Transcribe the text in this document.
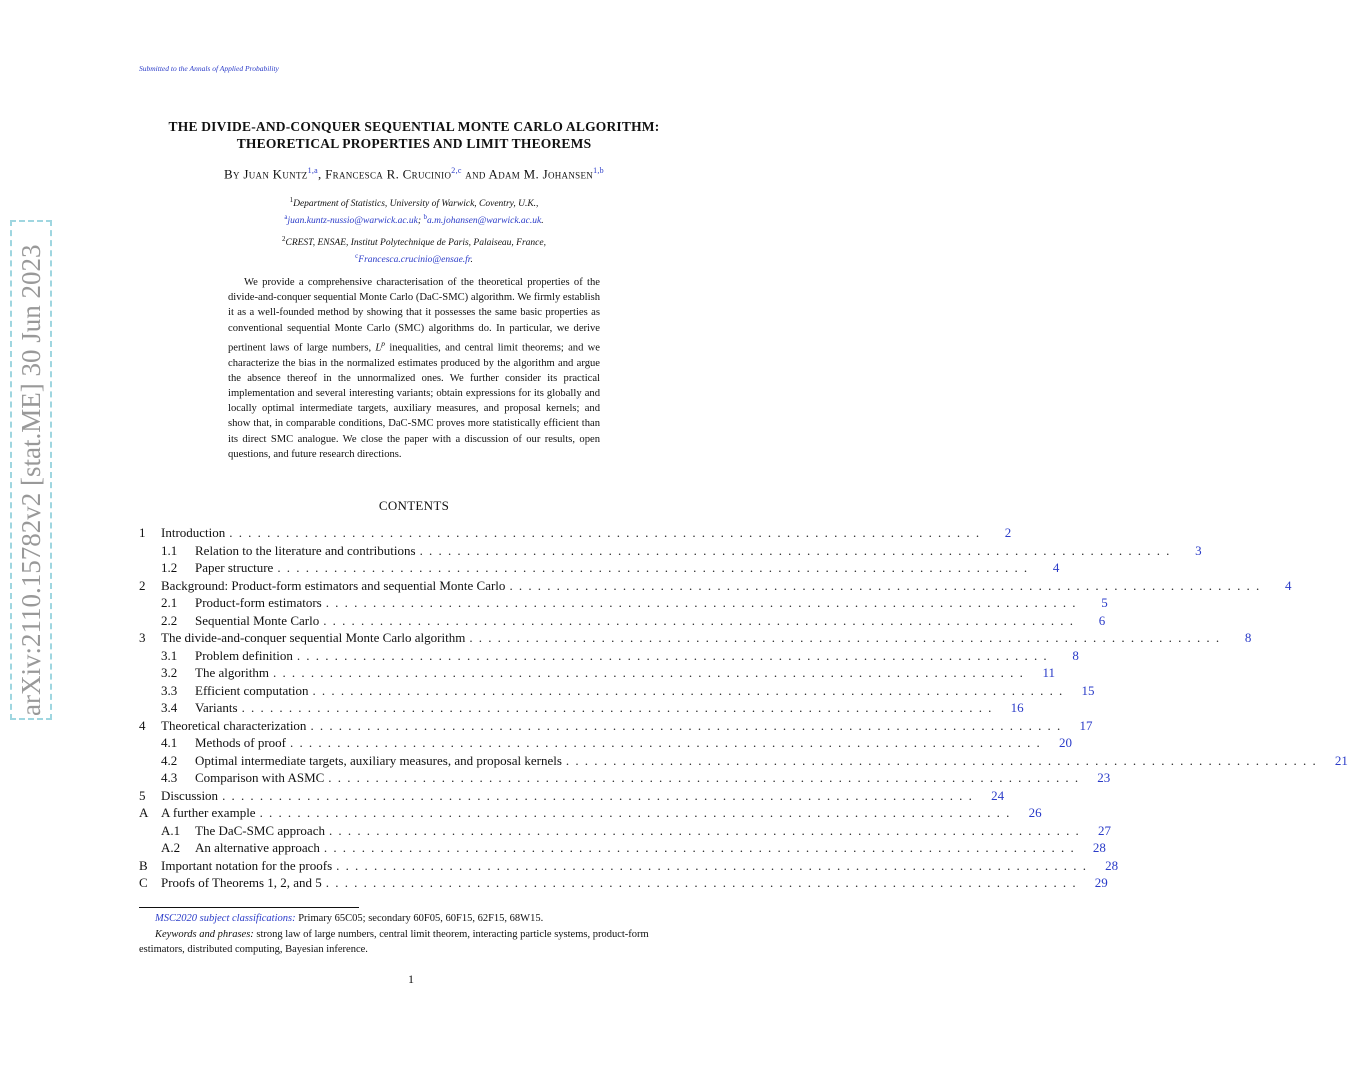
Submitted to the Annals of Applied Probability
arXiv:2110.15782v2 [stat.ME] 30 Jun 2023
THE DIVIDE-AND-CONQUER SEQUENTIAL MONTE CARLO ALGORITHM:
THEORETICAL PROPERTIES AND LIMIT THEOREMS
By Juan Kuntz$^{1,a}$, Francesca R. Crucinio$^{2,c}$ and Adam M. Johansen$^{1,b}$
$^1$Department of Statistics, University of Warwick, Coventry, U.K.,
$^a$juan.kuntz-nussio@warwick.ac.uk; $^b$a.m.johansen@warwick.ac.uk.
$^2$CREST, ENSAE, Institut Polytechnique de Paris, Palaiseau, France,
$^c$Francesca.crucinio@ensae.fr.
We provide a comprehensive characterisation of the theoretical properties of the divide-and-conquer sequential Monte Carlo (DaC-SMC) algorithm. We firmly establish it as a well-founded method by showing that it possesses the same basic properties as conventional sequential Monte Carlo (SMC) algorithms do. In particular, we derive pertinent laws of large numbers, $L^p$ inequalities, and central limit theorems; and we characterize the bias in the normalized estimates produced by the algorithm and argue the absence thereof in the unnormalized ones. We further consider its practical implementation and several interesting variants; obtain expressions for its globally and locally optimal intermediate targets, auxiliary measures, and proposal kernels; and show that, in comparable conditions, DaC-SMC proves more statistically efficient than its direct SMC analogue. We close the paper with a discussion of our results, open questions, and future research directions.
CONTENTS
1	Introduction ................................................................................	2
1.1	Relation to the literature and contributions ................................................................................	3
1.2	Paper structure ................................................................................	4
2	Background: Product-form estimators and sequential Monte Carlo ................................................................................	4
2.1	Product-form estimators ................................................................................	5
2.2	Sequential Monte Carlo ................................................................................	6
3	The divide-and-conquer sequential Monte Carlo algorithm ................................................................................	8
3.1	Problem definition ................................................................................	8
3.2	The algorithm ................................................................................	11
3.3	Efficient computation ................................................................................	15
3.4	Variants ................................................................................	16
4	Theoretical characterization ................................................................................	17
4.1	Methods of proof ................................................................................	20
4.2	Optimal intermediate targets, auxiliary measures, and proposal kernels ................................................................................	21
4.3	Comparison with ASMC ................................................................................	23
5	Discussion ................................................................................	24
A A further example ................................................................................	26
A.1	The DaC-SMC approach ................................................................................	27
A.2	An alternative approach ................................................................................	28
B	Important notation for the proofs ................................................................................	28
C	Proofs of Theorems 1, 2, and 5 ................................................................................	29
MSC2020 subject classifications: Primary 65C05; secondary 60F05, 60F15, 62F15, 68W15.
Keywords and phrases: strong law of large numbers, central limit theorem, interacting particle systems, product-form estimators, distributed computing, Bayesian inference.
1
